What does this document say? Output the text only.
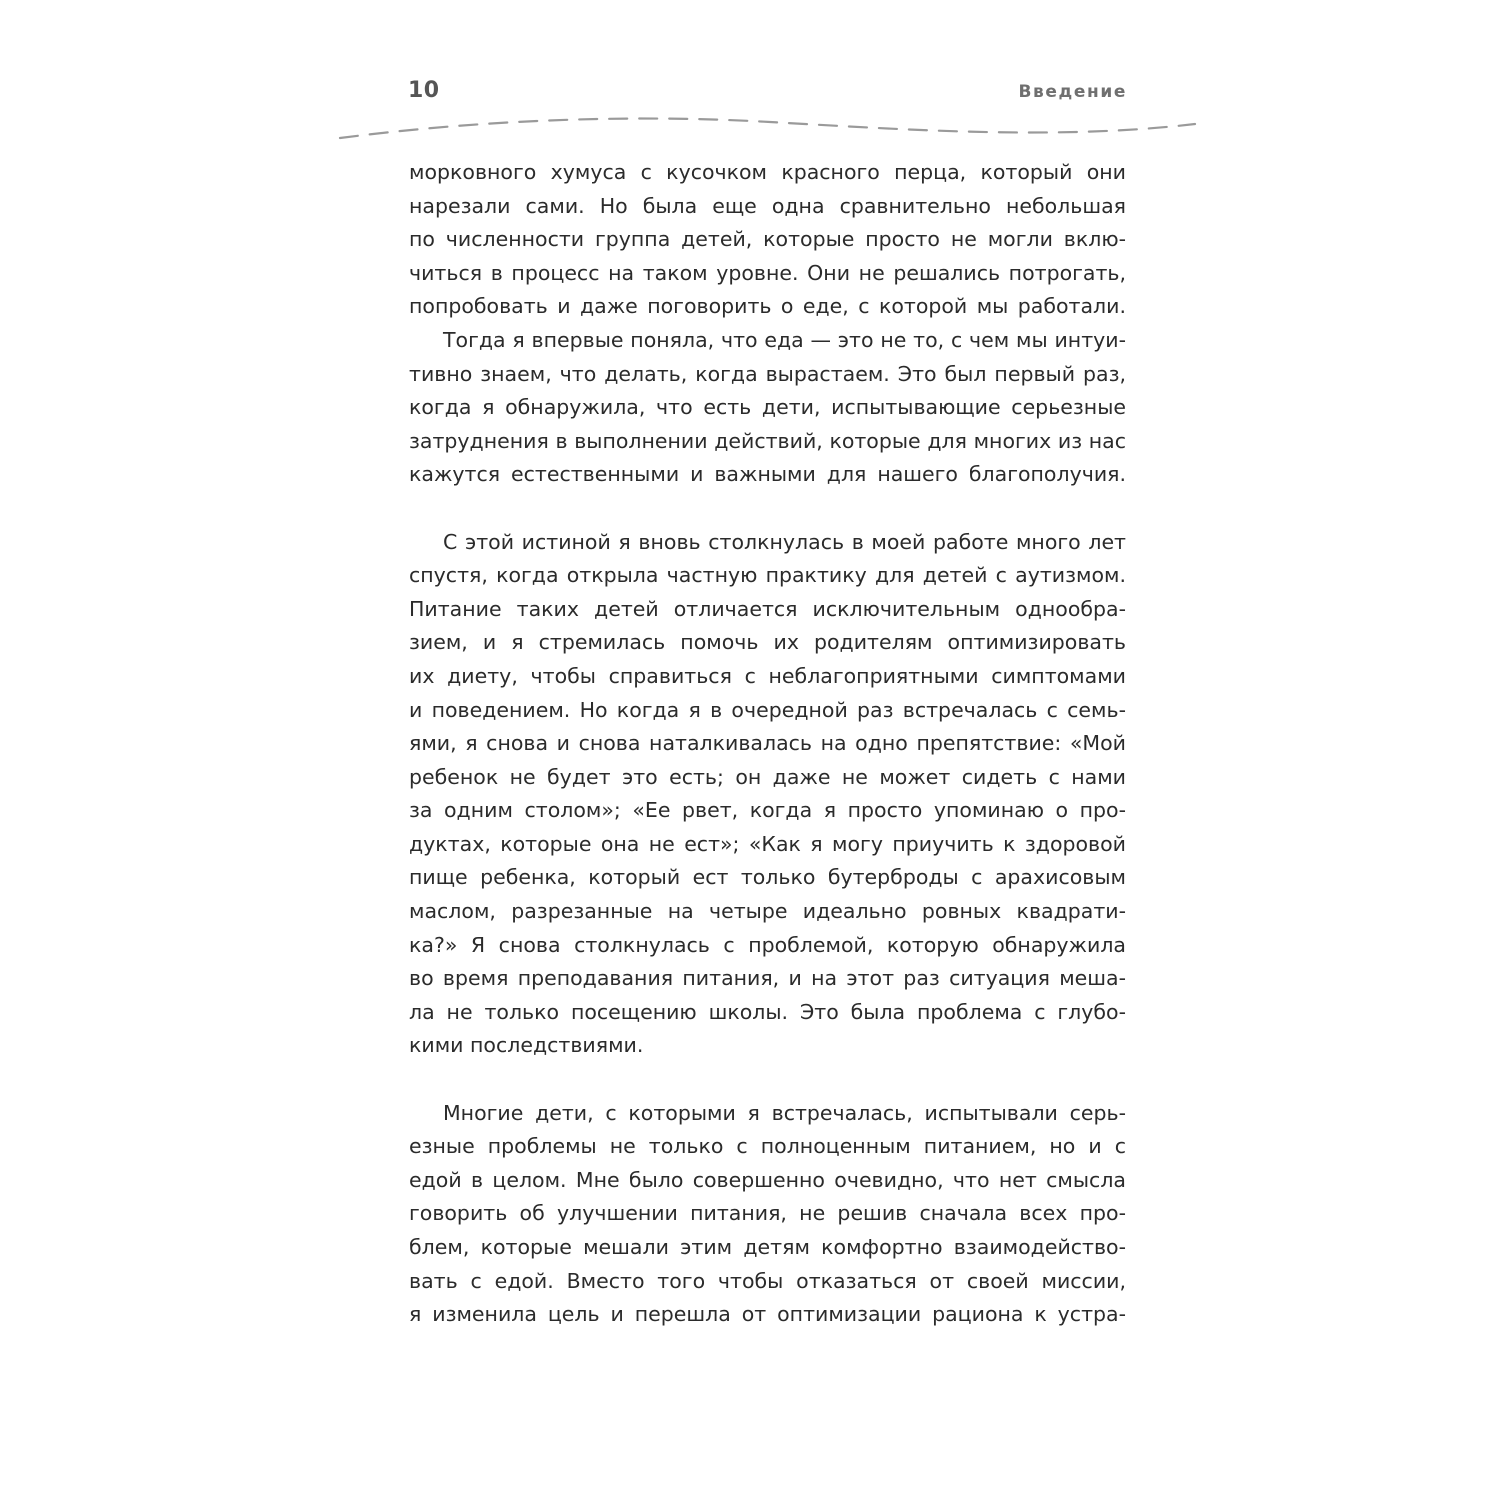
10	Введение
морковного хумуса с кусочком красного перца, который они
нарезали сами. Но была еще одна сравнительно небольшая
по численности группа детей, которые просто не могли вклю-
читься в процесс на таком уровне. Они не решались потрогать,
попробовать и даже поговорить о еде, с которой мы работали.
Тогда я впервые поняла, что еда — это не то, с чем мы интуи-
тивно знаем, что делать, когда вырастаем. Это был первый раз,
когда я обнаружила, что есть дети, испытывающие серьезные
затруднения в выполнении действий, которые для многих из нас
кажутся естественными и важными для нашего благополучия.
С этой истиной я вновь столкнулась в моей работе много лет
спустя, когда открыла частную практику для детей с аутизмом.
Питание таких детей отличается исключительным однообра-
зием, и я стремилась помочь их родителям оптимизировать
их диету, чтобы справиться с неблагоприятными симптомами
и поведением. Но когда я в очередной раз встречалась с семь-
ями, я снова и снова наталкивалась на одно препятствие: «Мой
ребенок не будет это есть; он даже не может сидеть с нами
за одним столом»; «Ее рвет, когда я просто упоминаю о про-
дуктах, которые она не ест»; «Как я могу приучить к здоровой
пище ребенка, который ест только бутерброды с арахисовым
маслом, разрезанные на четыре идеально ровных квадрати-
ка?» Я снова столкнулась с проблемой, которую обнаружила
во время преподавания питания, и на этот раз ситуация меша-
ла не только посещению школы. Это была проблема с глубо-
кими последствиями.
Многие дети, с которыми я встречалась, испытывали серь-
езные проблемы не только с полноценным питанием, но и с
едой в целом. Мне было совершенно очевидно, что нет смысла
говорить об улучшении питания, не решив сначала всех про-
блем, которые мешали этим детям комфортно взаимодейство-
вать с едой. Вместо того чтобы отказаться от своей миссии,
я изменила цель и перешла от оптимизации рациона к устра-
